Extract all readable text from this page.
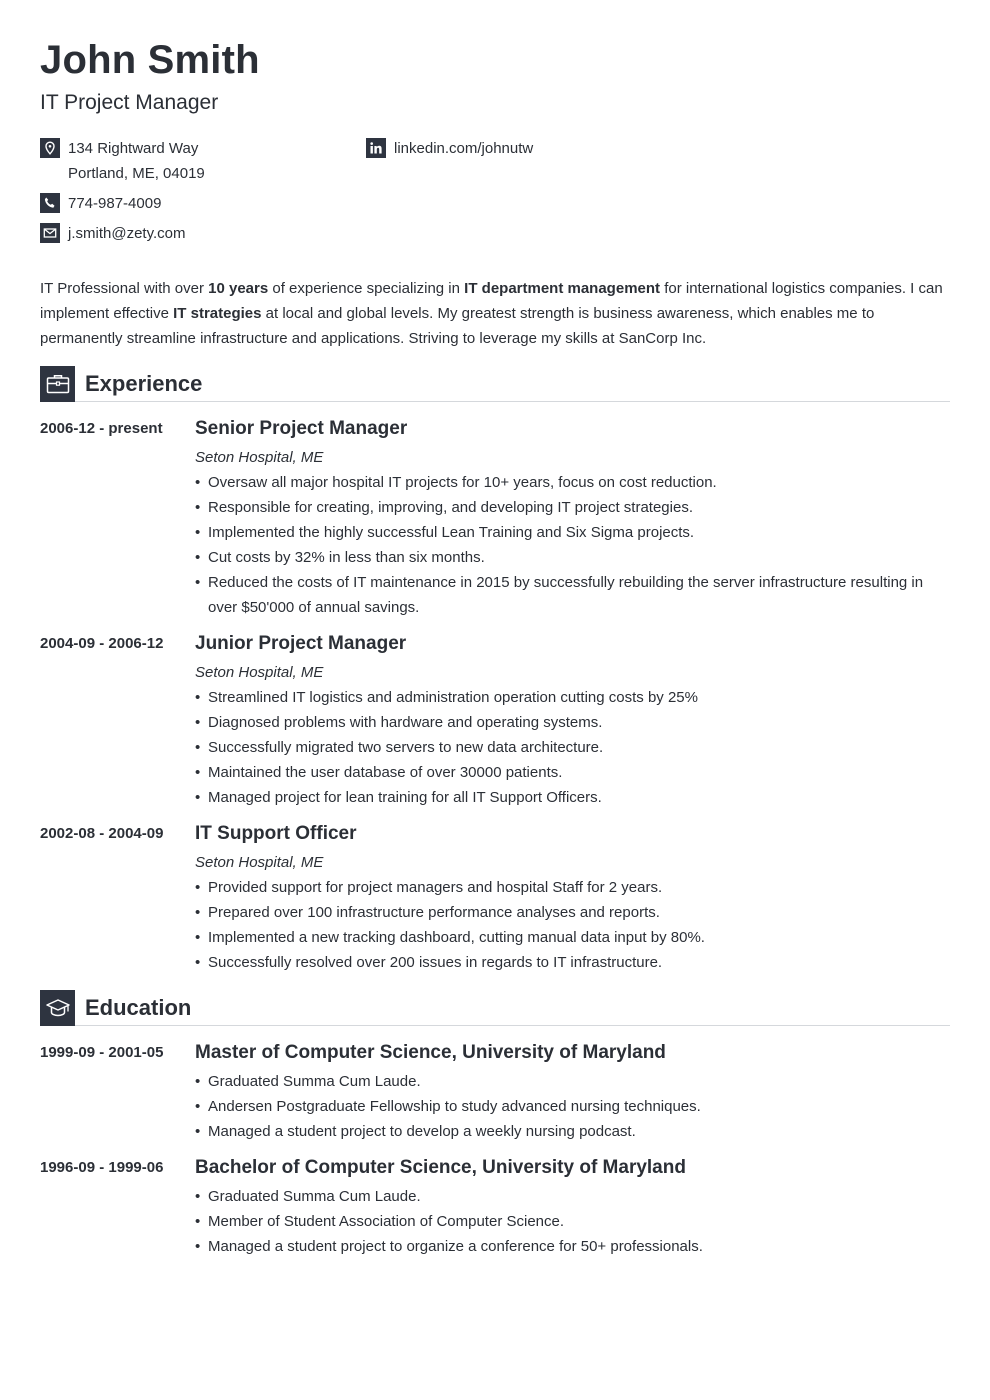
John Smith
IT Project Manager
134 Rightward Way
Portland, ME, 04019
774-987-4009
j.smith@zety.com
linkedin.com/johnutw
IT Professional with over 10 years of experience specializing in IT department management for international logistics companies. I can implement effective IT strategies at local and global levels. My greatest strength is business awareness, which enables me to permanently streamline infrastructure and applications. Striving to leverage my skills at SanCorp Inc.
Experience
2006-12 - present Senior Project Manager
Seton Hospital, ME
• Oversaw all major hospital IT projects for 10+ years, focus on cost reduction.
• Responsible for creating, improving, and developing IT project strategies.
• Implemented the highly successful Lean Training and Six Sigma projects.
• Cut costs by 32% in less than six months.
• Reduced the costs of IT maintenance in 2015 by successfully rebuilding the server infrastructure resulting in over $50'000 of annual savings.
2004-09 - 2006-12 Junior Project Manager
Seton Hospital, ME
• Streamlined IT logistics and administration operation cutting costs by 25%
• Diagnosed problems with hardware and operating systems.
• Successfully migrated two servers to new data architecture.
• Maintained the user database of over 30000 patients.
• Managed project for lean training for all IT Support Officers.
2002-08 - 2004-09 IT Support Officer
Seton Hospital, ME
• Provided support for project managers and hospital Staff for 2 years.
• Prepared over 100 infrastructure performance analyses and reports.
• Implemented a new tracking dashboard, cutting manual data input by 80%.
• Successfully resolved over 200 issues in regards to IT infrastructure.
Education
1999-09 - 2001-05 Master of Computer Science, University of Maryland
• Graduated Summa Cum Laude.
• Andersen Postgraduate Fellowship to study advanced nursing techniques.
• Managed a student project to develop a weekly nursing podcast.
1996-09 - 1999-06 Bachelor of Computer Science, University of Maryland
• Graduated Summa Cum Laude.
• Member of Student Association of Computer Science.
• Managed a student project to organize a conference for 50+ professionals.
